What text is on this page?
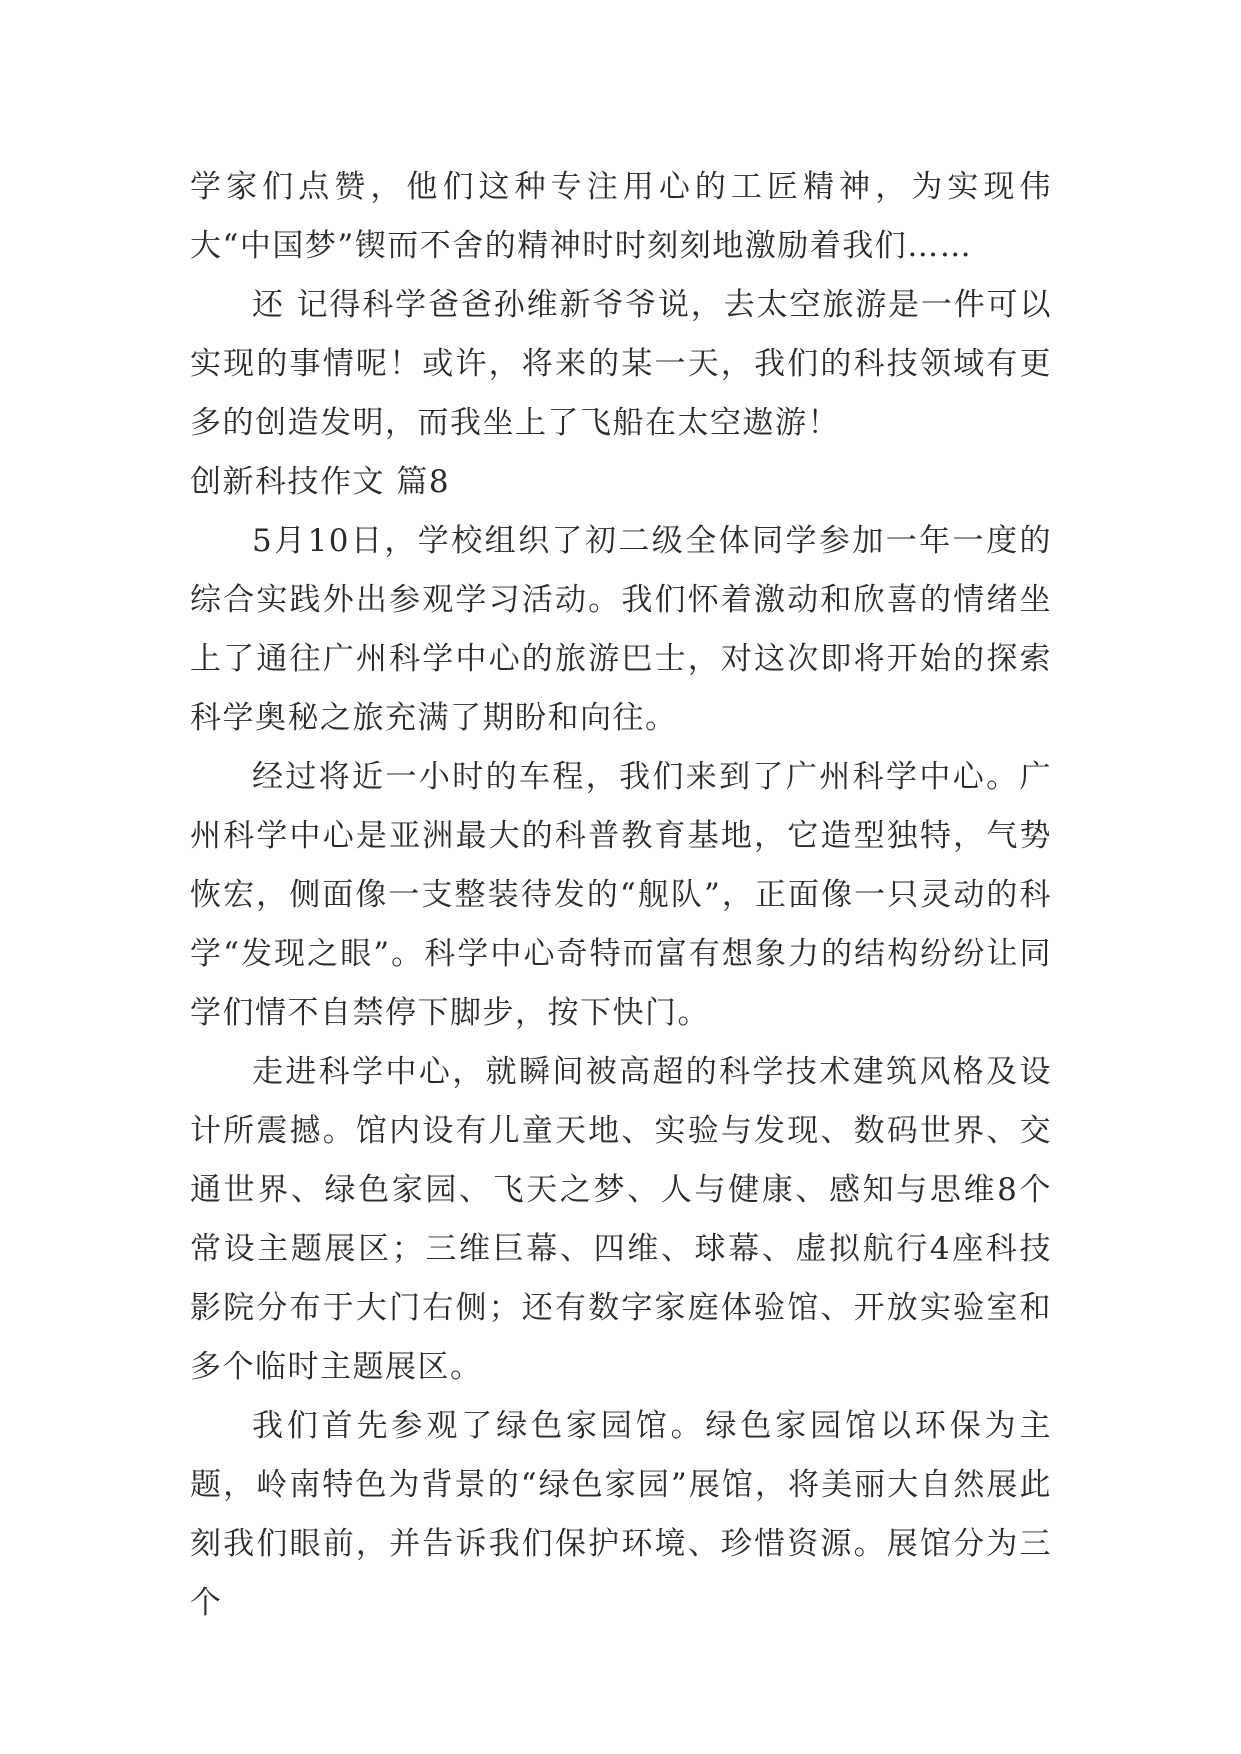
学家们点赞，他们这种专注用心的工匠精神，为实现伟大“中国梦”锲而不舍的精神时时刻刻地激励着我们……

还 记得科学爸爸孙维新爷爷说，去太空旅游是一件可以实现的事情呢！或许，将来的某一天，我们的科技领域有更多的创造发明，而我坐上了飞船在太空遨游！

创新科技作文 篇8

5月10日，学校组织了初二级全体同学参加一年一度的综合实践外出参观学习活动。我们怀着激动和欣喜的情绪坐上了通往广州科学中心的旅游巴士，对这次即将开始的探索科学奥秘之旅充满了期盼和向往。

经过将近一小时的车程，我们来到了广州科学中心。广州科学中心是亚洲最大的科普教育基地，它造型独特，气势恢宏，侧面像一支整装待发的“舰队”，正面像一只灵动的科学“发现之眼”。科学中心奇特而富有想象力的结构纷纷让同学们情不自禁停下脚步，按下快门。

走进科学中心，就瞬间被高超的科学技术建筑风格及设计所震撼。馆内设有儿童天地、实验与发现、数码世界、交通世界、绿色家园、飞天之梦、人与健康、感知与思维8个常设主题展区；三维巨幕、四维、球幕、虚拟航行4座科技影院分布于大门右侧；还有数字家庭体验馆、开放实验室和多个临时主题展区。

我们首先参观了绿色家园馆。绿色家园馆以环保为主题，岭南特色为背景的“绿色家园”展馆，将美丽大自然展此刻我们眼前，并告诉我们保护环境、珍惜资源。展馆分为三个
